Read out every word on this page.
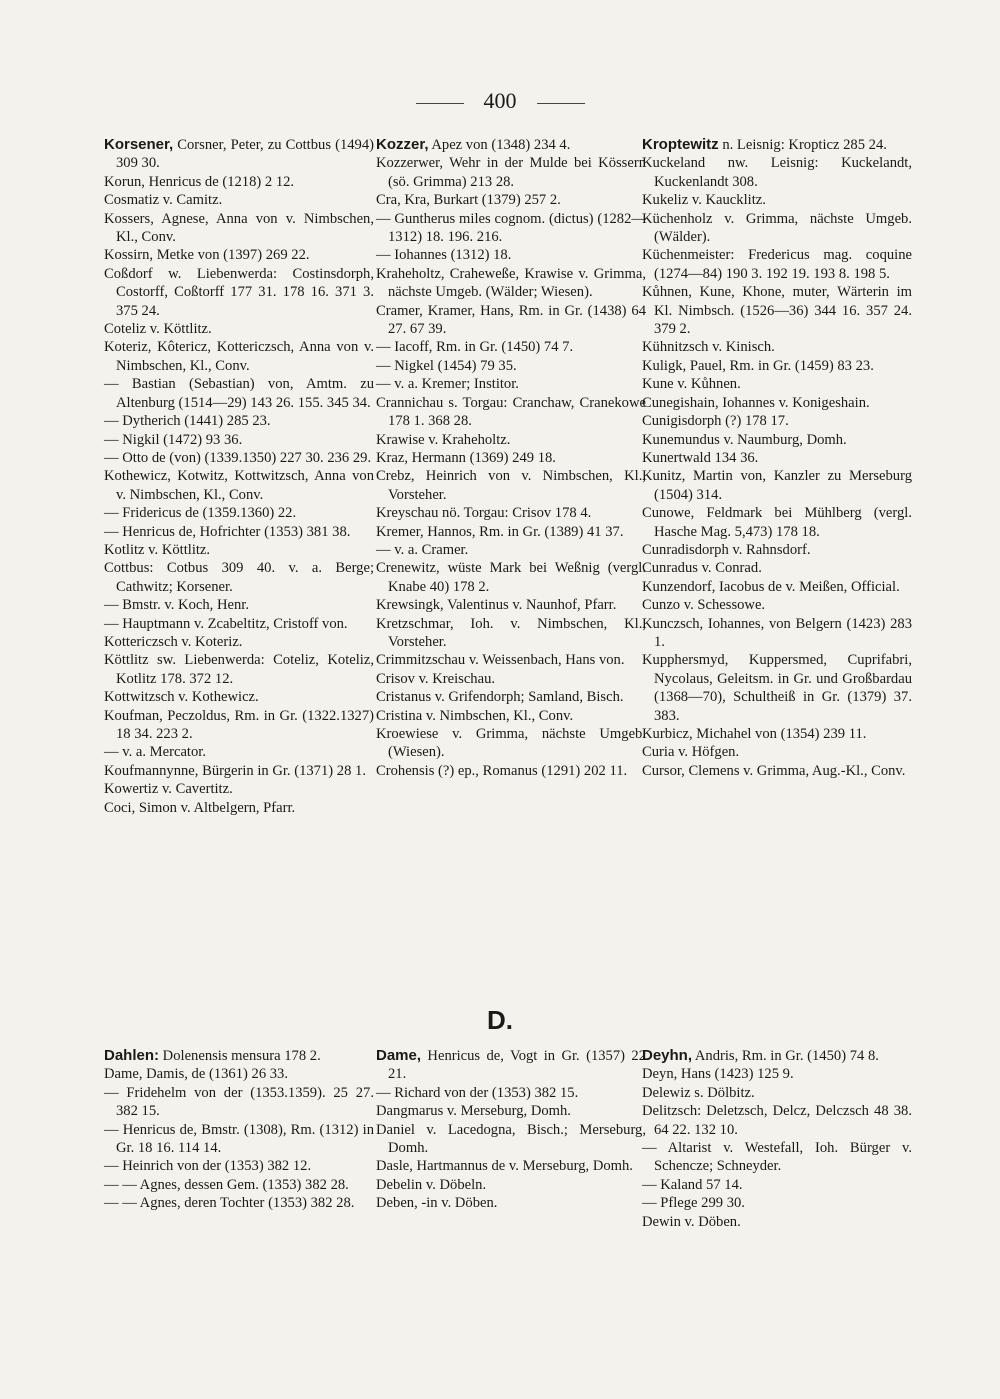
400

Korsener, Corsner, Peter, zu Cottbus (1494) 309 30.

Korun, Henricus de (1218) 2 12.

Cosmatiz v. Camitz.

Kossers, Agnese, Anna von v. Nimbschen, Kl., Conv.

Kossirn, Metke von (1397) 269 22.

Coßdorf w. Liebenwerda: Costinsdorph, Costorff, Coßtorff 177 31. 178 16. 371 3. 375 24.

Coteliz v. Köttlitz.

Koteriz, Kôtericz, Kottericzsch, Anna von v. Nimbschen, Kl., Conv.

— Bastian (Sebastian) von, Amtm. zu Altenburg (1514—29) 143 26. 155. 345 34.

— Dytherich (1441) 285 23.

— Nigkil (1472) 93 36.

— Otto de (von) (1339.1350) 227 30. 236 29.

Kothewicz, Kotwitz, Kottwitzsch, Anna von v. Nimbschen, Kl., Conv.

— Fridericus de (1359.1360) 22.

— Henricus de, Hofrichter (1353) 381 38.

Kotlitz v. Köttlitz.

Cottbus: Cotbus 309 40. v. a. Berge; Cathwitz; Korsener.

— Bmstr. v. Koch, Henr.

— Hauptmann v. Zcabeltitz, Cristoff von.

Kottericzsch v. Koteriz.

Köttlitz sw. Liebenwerda: Coteliz, Koteliz, Kotlitz 178. 372 12.

Kottwitzsch v. Kothewicz.

Koufman, Peczoldus, Rm. in Gr. (1322.1327) 18 34. 223 2.

— v. a. Mercator.

Koufmannynne, Bürgerin in Gr. (1371) 28 1.

Kowertiz v. Cavertitz.

Coci, Simon v. Altbelgern, Pfarr.

Kozzer, Apez von (1348) 234 4.

Kozzerwer, Wehr in der Mulde bei Kössern (sö. Grimma) 213 28.

Cra, Kra, Burkart (1379) 257 2.

— Guntherus miles cognom. (dictus) (1282—1312) 18. 196. 216.

— Iohannes (1312) 18.

Kraheholtz, Craheweße, Krawise v. Grimma, nächste Umgeb. (Wälder; Wiesen).

Cramer, Kramer, Hans, Rm. in Gr. (1438) 64 27. 67 39.

— Iacoff, Rm. in Gr. (1450) 74 7.

— Nigkel (1454) 79 35.

— v. a. Kremer; Institor.

Crannichau s. Torgau: Cranchaw, Cranekowe 178 1. 368 28.

Krawise v. Kraheholtz.

Kraz, Hermann (1369) 249 18.

Crebz, Heinrich von v. Nimbschen, Kl., Vorsteher.

Kreyschau nö. Torgau: Crisov 178 4.

Kremer, Hannos, Rm. in Gr. (1389) 41 37.

— v. a. Cramer.

Crenewitz, wüste Mark bei Weßnig (vergl. Knabe 40) 178 2.

Krewsingk, Valentinus v. Naunhof, Pfarr.

Kretzschmar, Ioh. v. Nimbschen, Kl., Vorsteher.

Crimmitzschau v. Weissenbach, Hans von.

Crisov v. Kreischau.

Cristanus v. Grifendorph; Samland, Bisch.

Cristina v. Nimbschen, Kl., Conv.

Kroewiese v. Grimma, nächste Umgeb. (Wiesen).

Crohensis (?) ep., Romanus (1291) 202 11.

Kroptewitz n. Leisnig: Kropticz 285 24.

Kuckeland nw. Leisnig: Kuckelandt, Kuckenlandt 308.

Kukeliz v. Kaucklitz.

Küchenholz v. Grimma, nächste Umgeb. (Wälder).

Küchenmeister: Fredericus mag. coquine (1274—84) 190 3. 192 19. 193 8. 198 5.

Kůhnen, Kune, Khone, muter, Wärterin im Kl. Nimbsch. (1526—36) 344 16. 357 24. 379 2.

Kühnitzsch v. Kinisch.

Kuligk, Pauel, Rm. in Gr. (1459) 83 23.

Kune v. Kůhnen.

Cunegishain, Iohannes v. Konigeshain.

Cunigisdorph (?) 178 17.

Kunemundus v. Naumburg, Domh.

Kunertwald 134 36.

Kunitz, Martin von, Kanzler zu Merseburg (1504) 314.

Cunowe, Feldmark bei Mühlberg (vergl. Hasche Mag. 5,473) 178 18.

Cunradisdorph v. Rahnsdorf.

Cunradus v. Conrad.

Kunzendorf, Iacobus de v. Meißen, Official.

Cunzo v. Schessowe.

Kunczsch, Iohannes, von Belgern (1423) 283 1.

Kupphersmyd, Kuppersmed, Cuprifabri, Nycolaus, Geleitsm. in Gr. und Großbardau (1368—70), Schultheiß in Gr. (1379) 37. 383.

Kurbicz, Michahel von (1354) 239 11.

Curia v. Höfgen.

Cursor, Clemens v. Grimma, Aug.-Kl., Conv.

D.

Dahlen: Dolenensis mensura 178 2.

Dame, Damis, de (1361) 26 33.

— Fridehelm von der (1353.1359). 25 27. 382 15.

— Henricus de, Bmstr. (1308), Rm. (1312) in Gr. 18 16. 114 14.

— Heinrich von der (1353) 382 12.

— — Agnes, dessen Gem. (1353) 382 28.

— — Agnes, deren Tochter (1353) 382 28.

Dame, Henricus de, Vogt in Gr. (1357) 22 21.

— Richard von der (1353) 382 15.

Dangmarus v. Merseburg, Domh.

Daniel v. Lacedogna, Bisch.; Merseburg, Domh.

Dasle, Hartmannus de v. Merseburg, Domh.

Debelin v. Döbeln.

Deben, -in v. Döben.

Deyhn, Andris, Rm. in Gr. (1450) 74 8.

Deyn, Hans (1423) 125 9.

Delewiz s. Dölbitz.

Delitzsch: Deletzsch, Delcz, Delczsch 48 38. 64 22. 132 10.

— Altarist v. Westefall, Ioh. Bürger v. Schencze; Schneyder.

— Kaland 57 14.

— Pflege 299 30.

Dewin v. Döben.
